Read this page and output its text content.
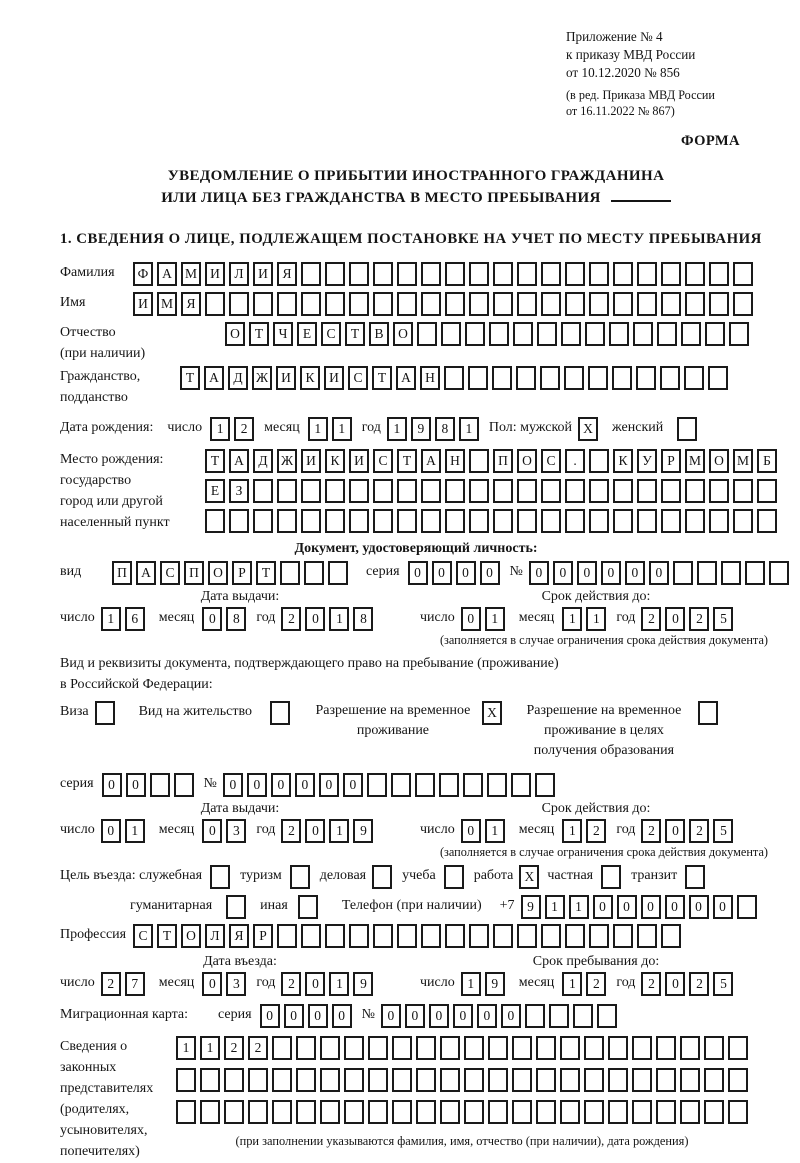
Приложение № 4
к приказу МВД России
от 10.12.2020 № 856
(в ред. Приказа МВД России
от 16.11.2022 № 867)
ФОРМА
УВЕДОМЛЕНИЕ О ПРИБЫТИИ ИНОСТРАННОГО ГРАЖДАНИНА
ИЛИ ЛИЦА БЕЗ ГРАЖДАНСТВА В МЕСТО ПРЕБЫВАНИЯ
1. СВЕДЕНИЯ О ЛИЦЕ, ПОДЛЕЖАЩЕМ ПОСТАНОВКЕ НА УЧЕТ ПО МЕСТУ ПРЕБЫВАНИЯ
Фамилия	Ф	А М И	Л	И	Я
Имя	И М Я
Отчество
(при наличии)
О	Т	Ч	Е	С	Т	В	О
Гражданство,
подданство
Т	А	Д Ж И	К	И	С	Т	А	Н
Дата рождения: число	1	2	месяц	1	1	год 1	9	8	1	Пол: мужской X	женский
Место рождения:
государство
город или другой
населенный пункт
Т	А	Д Ж И	К	И	С	Т	А	Н	П	О	С	.	К	У	Р	М О М	Б
Е	З
Документ, удостоверяющий личность:
вид	П	А	С	П	О	Р	Т	серия	0	0	0	0	№ 0	0	0	0	0	0
Дата выдачи:	Срок действия до:
число 1	6	месяц	0	8	год 2	0	1	8	число 0	1	месяц	1	1	год 2	0	2	5
(заполняется в случае ограничения срока действия документа)
Вид и реквизиты документа, подтверждающего право на пребывание (проживание)
в Российской Федерации:
Виза	Вид на жительство	Разрешение на временное проживание
X	Разрешение на временное проживание в целях получения образования
серия	0	0	№ 0	0	0	0	0	0
Дата выдачи:	Срок действия до:
число 0	1	месяц	0	3	год 2	0	1	9	число 0	1	месяц	1	2	год 2	0	2	5
(заполняется в случае ограничения срока действия документа)
Цель въезда: служебная	туризм	деловая	учеба	работа X частная	транзит
гуманитарная	иная	Телефон (при наличии) +7 9	1	1	0	0	0	0	0	0
Профессия С	Т	О	Л	Я	Р
Дата въезда:	Срок пребывания до:
число 2	7	месяц	0	3	год 2	0	1	9	число 1	9	месяц	1	2	год 2	0	2	5
Миграционная карта: серия	0	0	0	0	№ 0	0	0	0	0	0
Сведения о
законных
представителях
(родителях,
усыновителях,
попечителях)
1	1	2	2
(при заполнении указываются фамилия, имя, отчество (при наличии), дата рождения)
